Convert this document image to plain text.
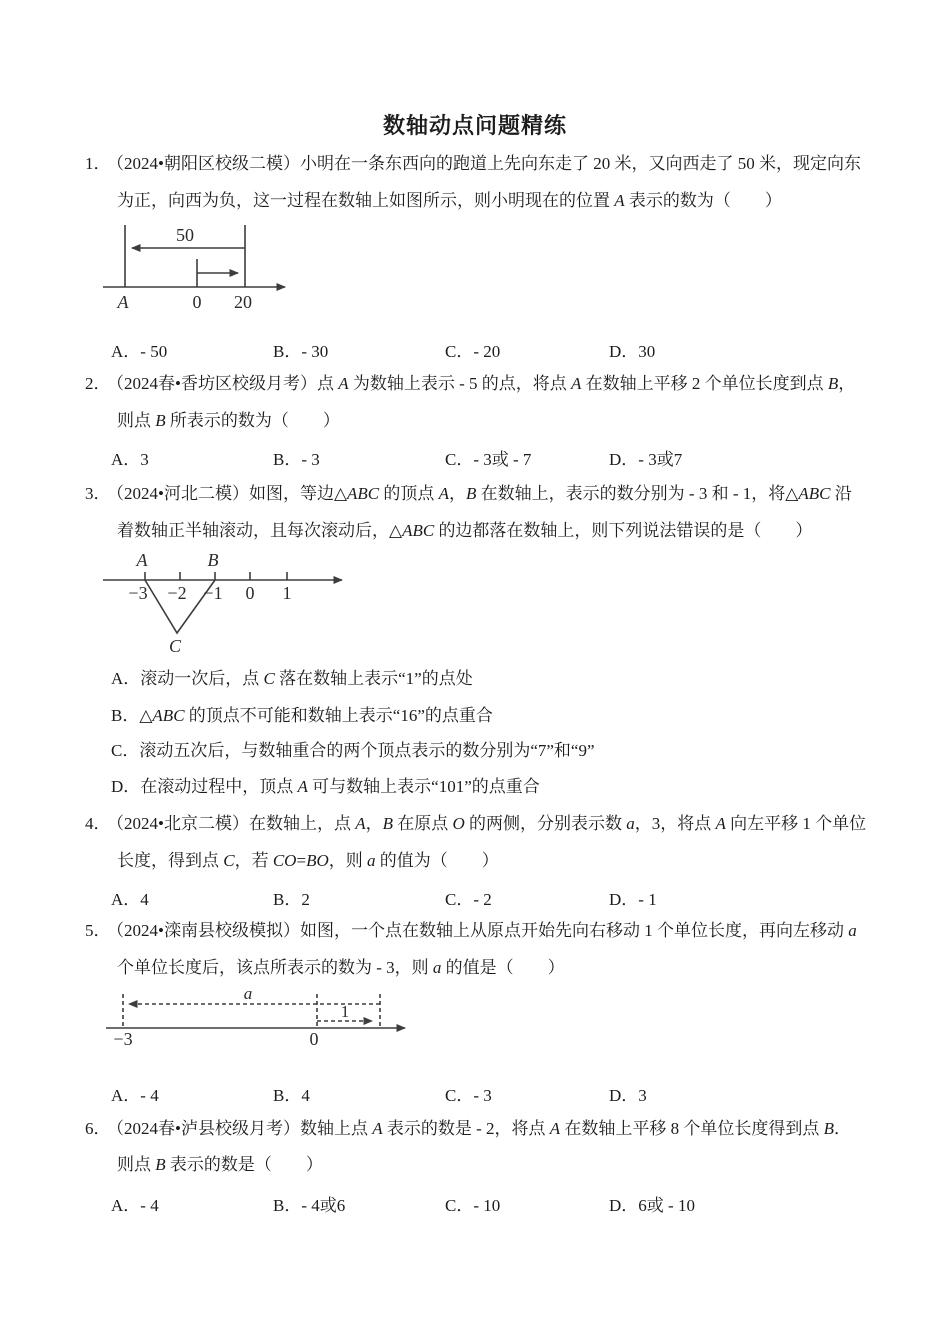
数轴动点问题精练
1． （2024•朝阳区校级二模）小明在一条东西向的跑道上先向东走了 20 米，又向西走了 50 米，现定向东
为正，向西为负，这一过程在数轴上如图所示，则小明现在的位置 A 表示的数为（　　）
50
A	0 20
A．- 50	B．- 30	C．- 20	D．30
2． （2024春•香坊区校级月考）点 A 为数轴上表示 - 5 的点，将点 A 在数轴上平移 2 个单位长度到点 B，
则点 B 所表示的数为（　　）
A．3	B．- 3	C．- 3或 - 7	D．- 3或7
3． （2024•河北二模）如图，等边△ABC 的顶点 A，B 在数轴上，表示的数分别为 - 3 和 - 1，将△ABC 沿
着数轴正半轴滚动，且每次滚动后，△ABC 的边都落在数轴上，则下列说法错误的是（　　）
A	B
−3 −2 −1 0 1
C
A．滚动一次后，点 C 落在数轴上表示“1”的点处
B．△ABC 的顶点不可能和数轴上表示“16”的点重合
C．滚动五次后，与数轴重合的两个顶点表示的数分别为“7”和“9”
D．在滚动过程中，顶点 A 可与数轴上表示“101”的点重合
4． （2024•北京二模）在数轴上，点 A，B 在原点 O 的两侧，分别表示数 a，3，将点 A 向左平移 1 个单位
长度，得到点 C，若 CO=BO，则 a 的值为（　　）
A．4	B．2	C．- 2	D．- 1
5． （2024•滦南县校级模拟）如图，一个点在数轴上从原点开始先向右移动 1 个单位长度，再向左移动 a
个单位长度后，该点所表示的数为 - 3，则 a 的值是（　　）
a
1
−3	0
A．- 4	B．4	C．- 3	D．3
6． （2024春•泸县校级月考）数轴上点 A 表示的数是 - 2，将点 A 在数轴上平移 8 个单位长度得到点 B．
则点 B 表示的数是（　　）
A．- 4	B．- 4或6	C．- 10	D．6或 - 10
